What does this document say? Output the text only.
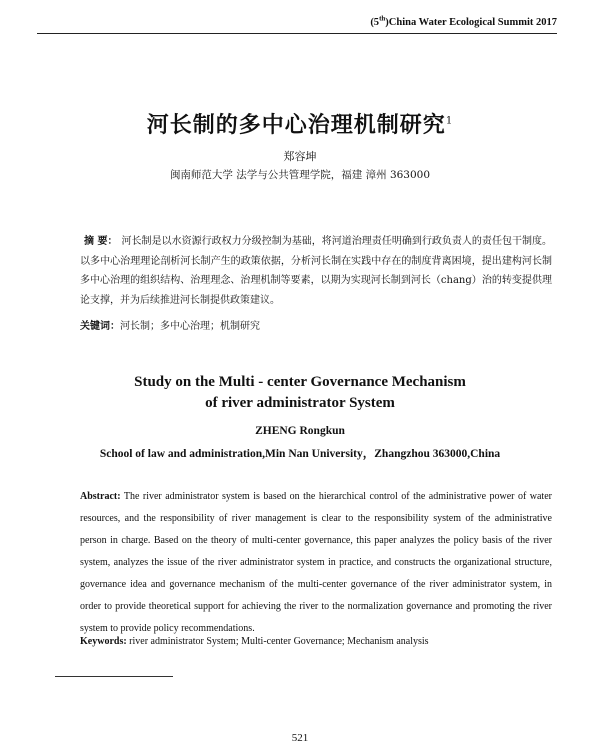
(5th)China Water Ecological Summit 2017
河长制的多中心治理机制研究$^1$
郑容坤
闽南师范大学 法学与公共管理学院，福建 漳州 363000
摘 要： 河长制是以水资源行政权力分级控制为基础，将河道治理责任明确到行政负责人的责任包干制度。以多中心治理理论剖析河长制产生的政策依据，分析河长制在实践中存在的制度背离困境，提出建构河长制多中心治理的组织结构、治理理念、治理机制等要素，以期为实现河长制到河长（chang）治的转变提供理论支撑，并为后续推进河长制提供政策建议。
关键词：河长制；多中心治理；机制研究
Study on the Multi - center Governance Mechanism
of river administrator System
ZHENG Rongkun
School of law and administration,Min Nan University，Zhangzhou 363000,China
Abstract: The river administrator system is based on the hierarchical control of the administrative power of water resources, and the responsibility of river management is clear to the responsibility system of the administrative person in charge. Based on the theory of multi-center governance, this paper analyzes the policy basis of the river system, analyzes the issue of the river administrator system in practice, and constructs the organizational structure, governance idea and governance mechanism of the multi-center governance of the river administrator system, in order to provide theoretical support for achieving the river to the normalization governance and promoting the river system to provide policy recommendations.
Keywords: river administrator System; Multi-center Governance; Mechanism analysis
521
